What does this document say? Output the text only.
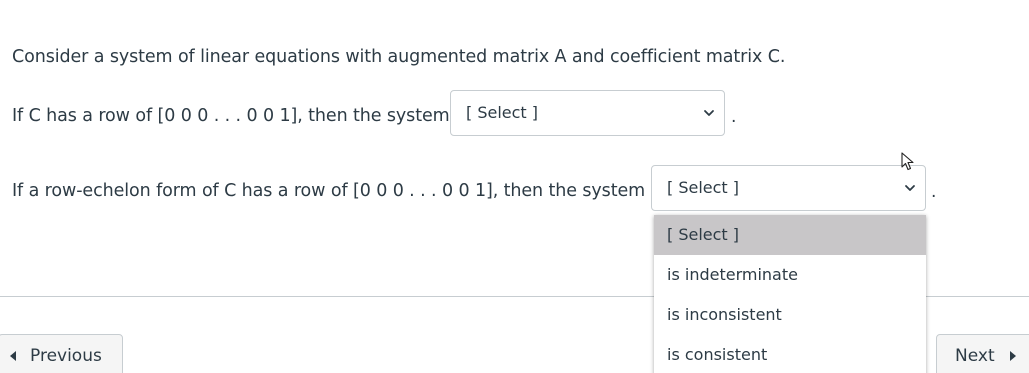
Consider a system of linear equations with augmented matrix A and coefficient matrix C.
If C has a row of [0 0 0 . . . 0 0 1], then the system [ Select ]	.
If a row-echelon form of C has a row of [0 0 0 . . . 0 0 1], then the system [ Select ]	.
Previous	Next
[ Select ]
is indeterminate
is inconsistent
is consistent
